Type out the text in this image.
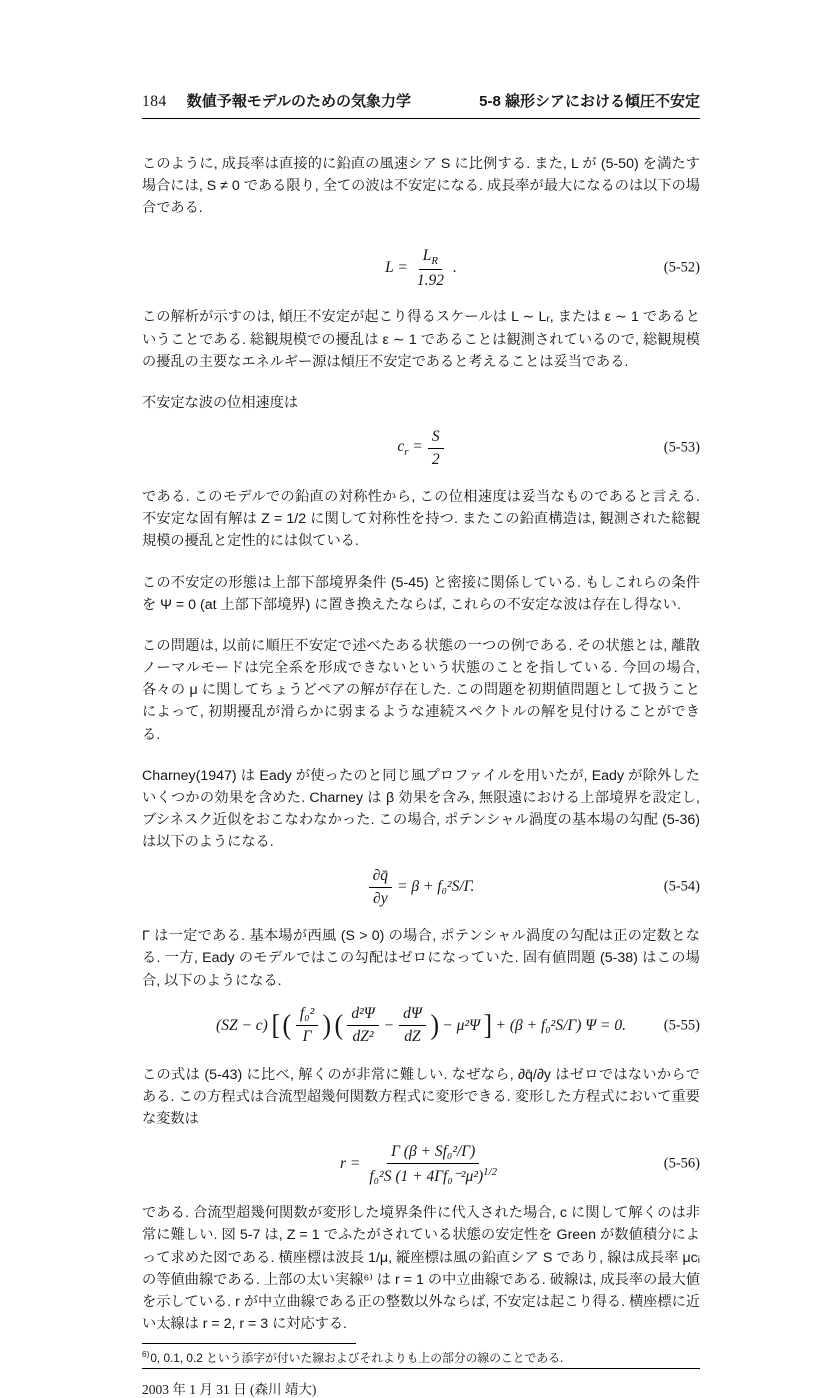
184 数値予報モデルのための気象力学	5-8 線形シアにおける傾圧不安定

このように, 成長率は直接的に鉛直の風速シア S に比例する. また, L が (5-50) を満たす場合には, S ≠ 0 である限り, 全ての波は不安定になる. 成長率が最大になるのは以下の場合である.

$L = \frac{L_R}{1.92}$ .	(5-52)

この解析が示すのは, 傾圧不安定が起こり得るスケールは L ∼ Lᵣ, または ε ∼ 1 であるということである. 総観規模での擾乱は ε ∼ 1 であることは観測されているので, 総観規模の擾乱の主要なエネルギー源は傾圧不安定であると考えることは妥当である.

不安定な波の位相速度は

$c_r = \frac{S}{2}$	(5-53)

である. このモデルでの鉛直の対称性から, この位相速度は妥当なものであると言える. 不安定な固有解は Z = 1/2 に関して対称性を持つ. またこの鉛直構造は, 観測された総観規模の擾乱と定性的には似ている.

この不安定の形態は上部下部境界条件 (5-45) と密接に関係している. もしこれらの条件を Ψ = 0 (at 上部下部境界) に置き換えたならば, これらの不安定な波は存在し得ない.

この問題は, 以前に順圧不安定で述べたある状態の一つの例である. その状態とは, 離散ノーマルモードは完全系を形成できないという状態のことを指している. 今回の場合, 各々の μ に関してちょうどペアの解が存在した. この問題を初期値問題として扱うことによって, 初期擾乱が滑らかに弱まるような連続スペクトルの解を見付けることができる.

Charney(1947) は Eady が使ったのと同じ風プロファイルを用いたが, Eady が除外したいくつかの効果を含めた. Charney は β 効果を含み, 無限遠における上部境界を設定し, ブシネスク近似をおこなわなかった. この場合, ポテンシャル渦度の基本場の勾配 (5-36) は以下のようになる.

$\frac{\partial q̄}{\partial y} = \beta + f_0^2S/\Gamma$.	(5-54)

Γ は一定である. 基本場が西風 (S > 0) の場合, ポテンシャル渦度の勾配は正の定数となる. 一方, Eady のモデルではこの勾配はゼロになっていた. 固有値問題 (5-38) はこの場合, 以下のようになる.

(SZ − c) [ ( $\frac{\text{f₀²}}{\Gamma}$ ) ( $\frac{\text{d²Ψ}}{\text{dZ²}} - \frac{d\Psi}{dZ}$ ) − μ²Ψ ] + (β + f₀²S/Γ) Ψ = 0.	(5-55)

この式は (5-43) に比べ, 解くのが非常に難しい. なぜなら, ∂q̄/∂y はゼロではないからである. この方程式は合流型超幾何関数方程式に変形できる. 変形した方程式において重要な変数は

$r = \frac{\text{Γ (β + Sf₀²/Γ)}}{f_0^2S (1 + 4\Gamma f_0^{-2}\mu^2)^{1/2}}$	(5-56)

である. 合流型超幾何関数が変形した境界条件に代入された場合, c に関して解くのは非常に難しい. 図 5-7 は, Z = 1 でふたがされている状態の安定性を Green が数値積分によって求めた図である. 横座標は波長 1/μ, 縦座標は風の鉛直シア S であり, 線は成長率 μcᵢ の等値曲線である. 上部の太い実線⁶⁾ は r = 1 の中立曲線である. 破線は, 成長率の最大値を示している. r が中立曲線である正の整数以外ならば, 不安定は起こり得る. 横座標に近い太線は r = 2, r = 3 に対応する.

$^{6)}$0, 0.1, 0.2 という添字が付いた線およびそれよりも上の部分の線のことである.
2003 年 1 月 31 日 (森川 靖大)
